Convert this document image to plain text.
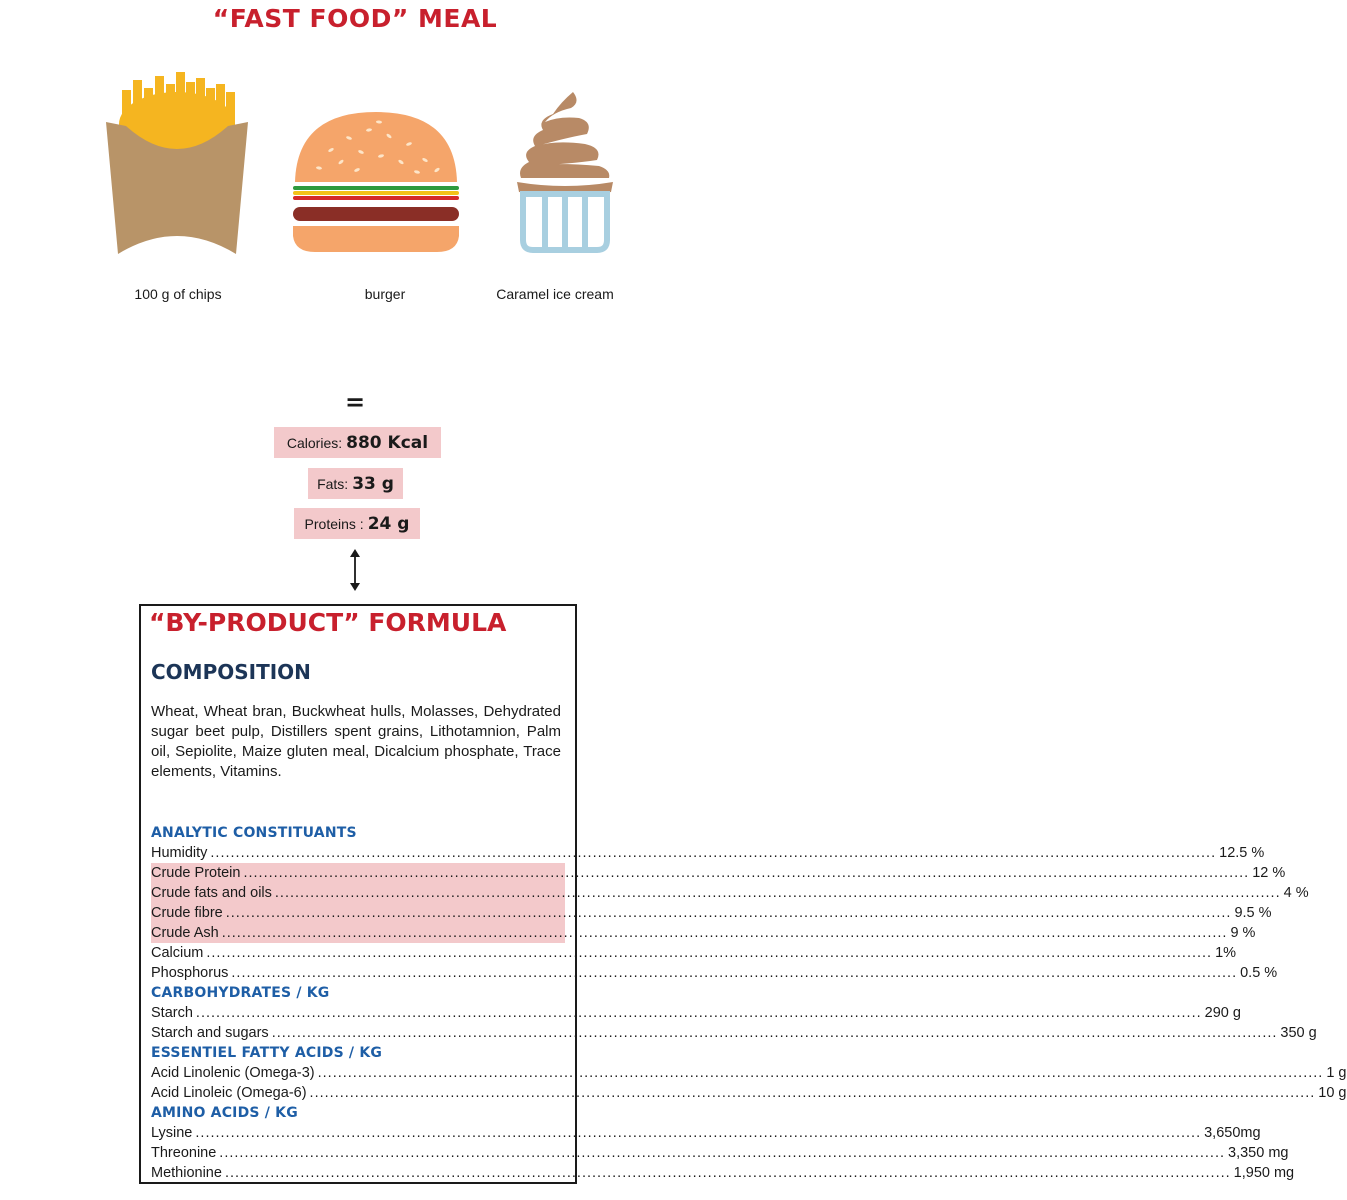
“FAST FOOD” MEAL
100 g of chips	burger	Caramel ice cream
=
Calories: 880 Kcal
Fats: 33 g
Proteins : 24 g
“BY-PRODUCT” FORMULA
COMPOSITION
Wheat, Wheat bran, Buckwheat hulls, Molasses, Dehydrated sugar beet pulp, Distillers spent grains, Lithotamnion, Palm oil, Sepiolite, Maize gluten meal, Dicalcium phosphate, Trace elements, Vitamins.
ANALYTIC CONSTITUANTS
Humidity ........................................................................................................................................................................................................ 12.5 %
Crude Protein ........................................................................................................................................................................................................ 12 %
Crude fats and oils ........................................................................................................................................................................................................ 4 %
Crude fibre ........................................................................................................................................................................................................ 9.5 %
Crude Ash ........................................................................................................................................................................................................ 9 %
Calcium ........................................................................................................................................................................................................ 1%
Phosphorus ........................................................................................................................................................................................................ 0.5 %
CARBOHYDRATES / KG
Starch ........................................................................................................................................................................................................ 290 g
Starch and sugars ........................................................................................................................................................................................................ 350 g
ESSENTIEL FATTY ACIDS / KG
Acid Linolenic (Omega-3) ........................................................................................................................................................................................................ 1 g
Acid Linoleic (Omega-6) ........................................................................................................................................................................................................ 10 g
AMINO ACIDS / KG
Lysine ........................................................................................................................................................................................................ 3,650mg
Threonine ........................................................................................................................................................................................................ 3,350 mg
Methionine ........................................................................................................................................................................................................ 1,950 mg
